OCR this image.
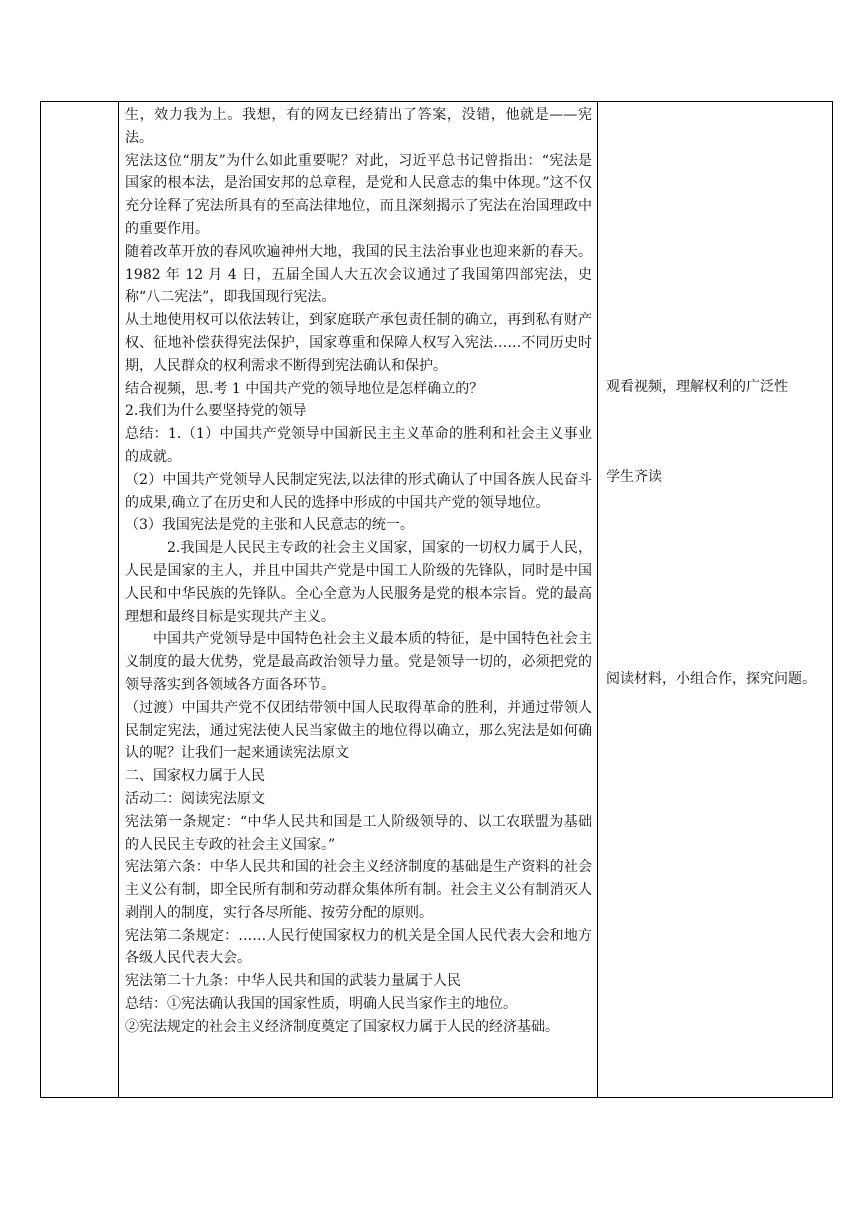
生，效力我为上。我想，有的网友已经猜出了答案，没错，他就是——宪法。

宪法这位“朋友”为什么如此重要呢？对此，习近平总书记曾指出：“宪法是国家的根本法，是治国安邦的总章程，是党和人民意志的集中体现。”这不仅充分诠释了宪法所具有的至高法律地位，而且深刻揭示了宪法在治国理政中的重要作用。

随着改革开放的春风吹遍神州大地，我国的民主法治事业也迎来新的春天。1982 年 12 月 4 日，五届全国人大五次会议通过了我国第四部宪法，史称“八二宪法”，即我国现行宪法。

从土地使用权可以依法转让，到家庭联产承包责任制的确立，再到私有财产权、征地补偿获得宪法保护，国家尊重和保障人权写入宪法……不同历史时期，人民群众的权利需求不断得到宪法确认和保护。

结合视频，思.考 1 中国共产党的领导地位是怎样确立的？

2.我们为什么要坚持党的领导

总结：1.（1）中国共产党领导中国新民主主义革命的胜利和社会主义事业的成就。

（2）中国共产党领导人民制定宪法,以法律的形式确认了中国各族人民奋斗的成果,确立了在历史和人民的选择中形成的中国共产党的领导地位。

（3）我国宪法是党的主张和人民意志的统一。

2.我国是人民民主专政的社会主义国家，国家的一切权力属于人民，人民是国家的主人，并且中国共产党是中国工人阶级的先锋队，同时是中国人民和中华民族的先锋队。全心全意为人民服务是党的根本宗旨。党的最高理想和最终目标是实现共产主义。

中国共产党领导是中国特色社会主义最本质的特征，是中国特色社会主义制度的最大优势，党是最高政治领导力量。党是领导一切的，必须把党的领导落实到各领域各方面各环节。

（过渡）中国共产党不仅团结带领中国人民取得革命的胜利，并通过带领人民制定宪法，通过宪法使人民当家做主的地位得以确立，那么宪法是如何确认的呢？让我们一起来通读宪法原文

二、国家权力属于人民

活动二：阅读宪法原文

宪法第一条规定：“中华人民共和国是工人阶级领导的、以工农联盟为基础的人民民主专政的社会主义国家。”

宪法第六条：中华人民共和国的社会主义经济制度的基础是生产资料的社会主义公有制，即全民所有制和劳动群众集体所有制。社会主义公有制消灭人剥削人的制度，实行各尽所能、按劳分配的原则。

宪法第二条规定：……人民行使国家权力的机关是全国人民代表大会和地方各级人民代表大会。

宪法第二十九条：中华人民共和国的武装力量属于人民

总结：①宪法确认我国的国家性质，明确人民当家作主的地位。

②宪法规定的社会主义经济制度奠定了国家权力属于人民的经济基础。

观看视频，理解权利的广泛性
学生齐读
阅读材料，小组合作，探究问题。
